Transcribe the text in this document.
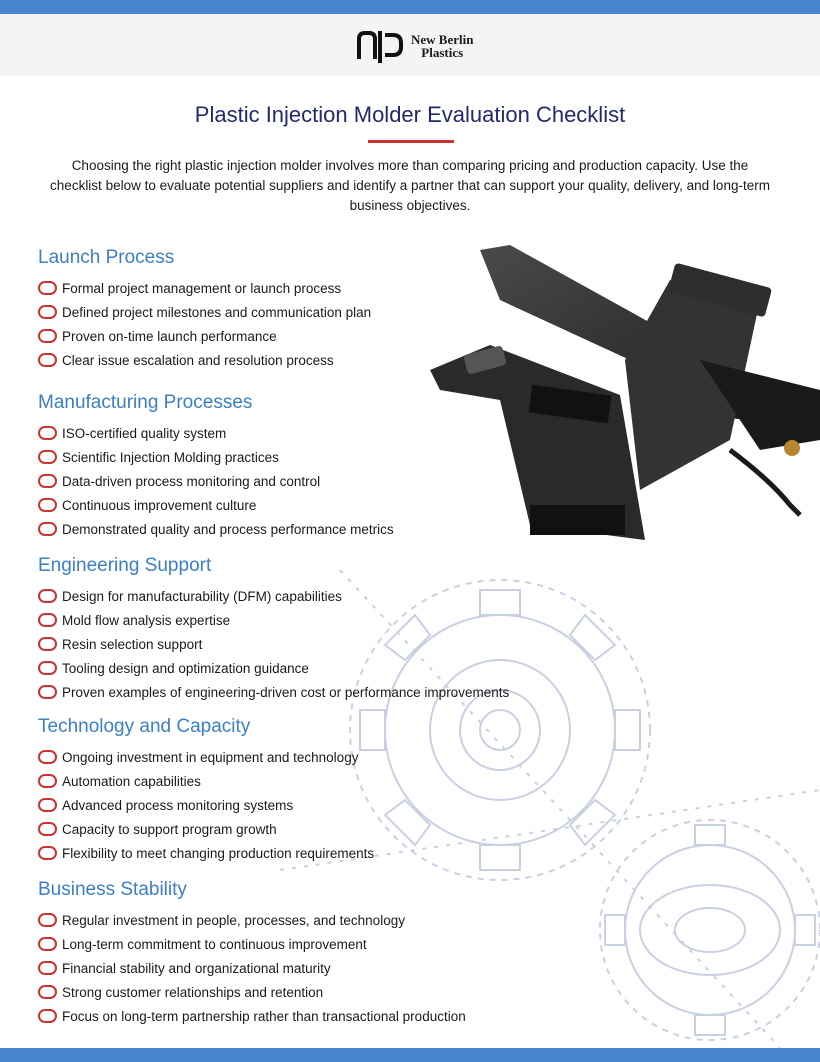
New Berlin
Plastics
Plastic Injection Molder Evaluation Checklist
Choosing the right plastic injection molder involves more than comparing pricing and production capacity. Use the checklist below to evaluate potential suppliers and identify a partner that can support your quality, delivery, and long-term business objectives.
Launch Process
Formal project management or launch process
Defined project milestones and communication plan
Proven on-time launch performance
Clear issue escalation and resolution process
Manufacturing Processes
ISO-certified quality system
Scientific Injection Molding practices
Data-driven process monitoring and control
Continuous improvement culture
Demonstrated quality and process performance metrics
Engineering Support
Design for manufacturability (DFM) capabilities
Mold flow analysis expertise
Resin selection support
Tooling design and optimization guidance
Proven examples of engineering-driven cost or performance improvements
Technology and Capacity
Ongoing investment in equipment and technology
Automation capabilities
Advanced process monitoring systems
Capacity to support program growth
Flexibility to meet changing production requirements
Business Stability
Regular investment in people, processes, and technology
Long-term commitment to continuous improvement
Financial stability and organizational maturity
Strong customer relationships and retention
Focus on long-term partnership rather than transactional production
